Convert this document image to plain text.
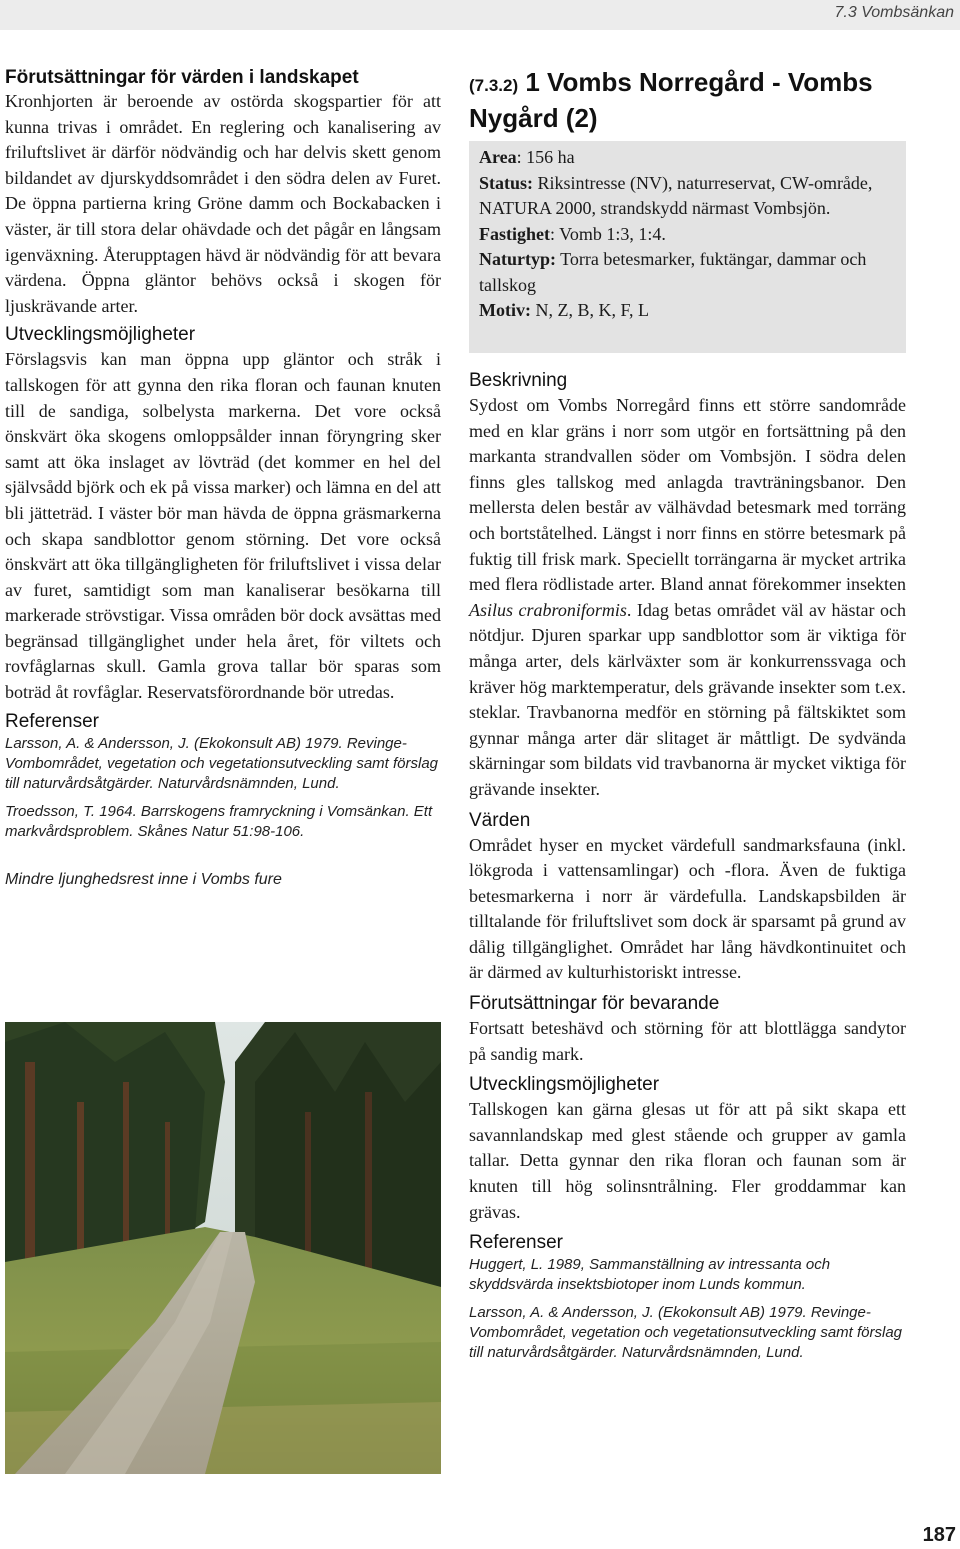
7.3 Vombsänkan
Förutsättningar för värden i landskapet

Kronhjorten är beroende av ostörda skogspartier för att kunna trivas i området. En reglering och kanalisering av friluftslivet är därför nödvändig och har delvis skett genom bildandet av djurskyddsområdet i den södra delen av Furet. De öppna partierna kring Gröne damm och Bockabacken i väster, är till stora delar ohävdade och det pågår en långsam igenväxning. Återupptagen hävd är nödvändig för att bevara värdena. Öppna gläntor behövs också i skogen för ljuskrävande arter.

Utvecklingsmöjligheter

Förslagsvis kan man öppna upp gläntor och stråk i tallskogen för att gynna den rika floran och faunan knuten till de sandiga, solbelysta markerna. Det vore också önskvärt öka skogens omloppsålder innan föryngring sker samt att öka inslaget av lövträd (det kommer en hel del självsådd björk och ek på vissa marker) och lämna en del att bli jätteträd. I väster bör man hävda de öppna gräsmarkerna och skapa sandblottor genom störning. Det vore också önskvärt att öka tillgängligheten för friluftslivet i vissa delar av furet, samtidigt som man kanaliserar besökarna till markerade strövstigar. Vissa områden bör dock avsättas med begränsad tillgänglighet under hela året, för viltets och rovfåglarnas skull. Gamla grova tallar bör sparas som boträd åt rovfåglar. Reservatsförordnande bör utredas.

Referenser

Larsson, A. & Andersson, J. (Ekokonsult AB) 1979. Revinge-Vombområdet, vegetation och vegetationsutveckling samt förslag till naturvårdsåtgärder. Naturvårdsnämnden, Lund.

Troedsson, T. 1964. Barrskogens framryckning i Vomsänkan. Ett markvårdsproblem. Skånes Natur 51:98-106.

Mindre ljunghedsrest inne i Vombs fure

(7.3.2) 1 Vombs Norregård - Vombs Nygård (2)

Area: 156 ha

Status: Riksintresse (NV), naturreservat, CW-område, NATURA 2000, strandskydd närmast Vombsjön.

Fastighet: Vomb 1:3, 1:4.

Naturtyp: Torra betesmarker, fuktängar, dammar och tallskog

Motiv: N, Z, B, K, F, L

Beskrivning

Sydost om Vombs Norregård finns ett större sandområde med en klar gräns i norr som utgör en fortsättning på den markanta strandvallen söder om Vombsjön. I södra delen finns gles tallskog med anlagda travträningsbanor. Den mellersta delen består av välhävdad betesmark med torräng och bortståtelhed. Längst i norr finns en större betesmark på fuktig till frisk mark. Speciellt torrängarna är mycket artrika med flera rödlistade arter. Bland annat förekommer insekten Asilus crabroniformis. Idag betas området väl av hästar och nötdjur. Djuren sparkar upp sandblottor som är viktiga för många arter, dels kärlväxter som är konkurrenssvaga och kräver hög marktemperatur, dels grävande insekter som t.ex. steklar. Travbanorna medför en störning på fältskiktet som gynnar många arter där slitaget är måttligt. De sydvända skärningar som bildats vid travbanorna är mycket viktiga för grävande insekter.

Värden

Området hyser en mycket värdefull sandmarksfauna (inkl. lökgroda i vattensamlingar) och -flora. Även de fuktiga betesmarkerna i norr är värdefulla. Landskapsbilden är tilltalande för friluftslivet som dock är sparsamt på grund av dålig tillgänglighet. Området har lång hävdkontinuitet och är därmed av kulturhistoriskt intresse.

Förutsättningar för bevarande

Fortsatt beteshävd och störning för att blottlägga sandytor på sandig mark.

Utvecklingsmöjligheter

Tallskogen kan gärna glesas ut för att på sikt skapa ett savannlandskap med glest stående och grupper av gamla tallar. Detta gynnar den rika floran och faunan som är knuten till hög solinsntrålning. Fler groddammar kan grävas.

Referenser

Huggert, L. 1989, Sammanställning av intressanta och skyddsvärda insektsbiotoper inom Lunds kommun.

Larsson, A. & Andersson, J. (Ekokonsult AB) 1979. Revinge-Vombområdet, vegetation och vegetationsutveckling samt förslag till naturvårdsåtgärder. Naturvårdsnämnden, Lund.

187
